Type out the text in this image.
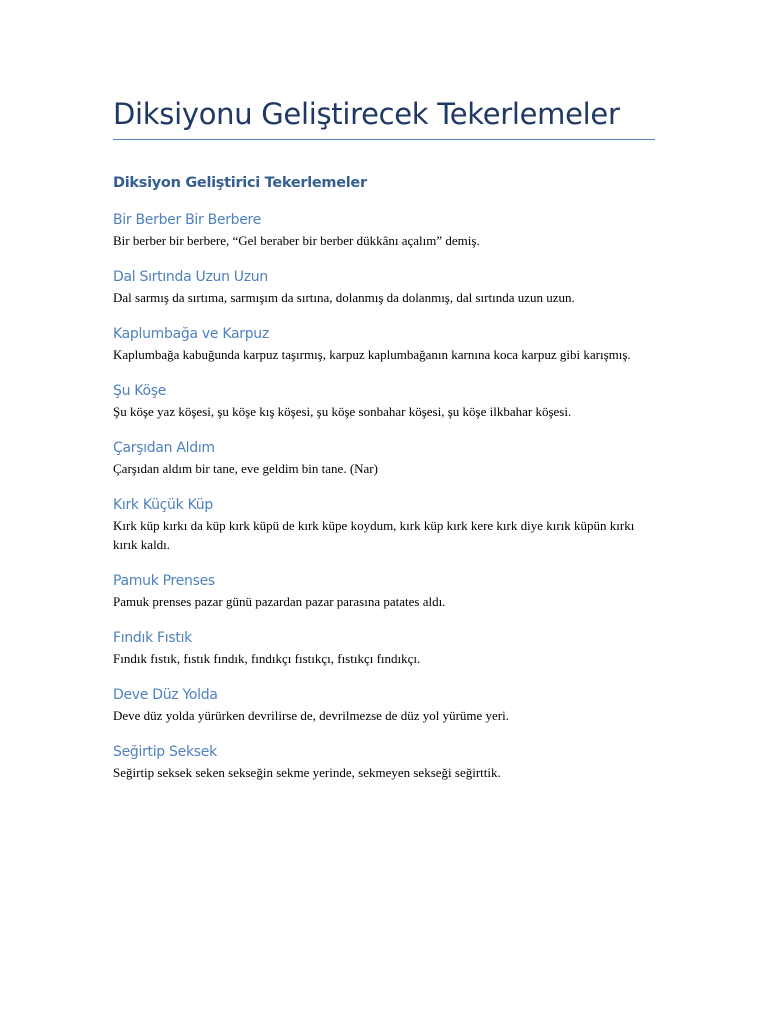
Diksiyonu Geliştirecek Tekerlemeler
Diksiyon Geliştirici Tekerlemeler
Bir Berber Bir Berbere

Bir berber bir berbere, “Gel beraber bir berber dükkânı açalım” demiş.

Dal Sırtında Uzun Uzun

Dal sarmış da sırtıma, sarmışım da sırtına, dolanmış da dolanmış, dal sırtında uzun uzun.

Kaplumbağa ve Karpuz

Kaplumbağa kabuğunda karpuz taşırmış, karpuz kaplumbağanın karnına koca karpuz gibi karışmış.

Şu Köşe

Şu köşe yaz köşesi, şu köşe kış köşesi, şu köşe sonbahar köşesi, şu köşe ilkbahar köşesi.

Çarşıdan Aldım

Çarşıdan aldım bir tane, eve geldim bin tane. (Nar)

Kırk Küçük Küp

Kırk küp kırkı da küp kırk küpü de kırk küpe koydum, kırk küp kırk kere kırk diye kırık küpün kırkı kırık kaldı.

Pamuk Prenses

Pamuk prenses pazar günü pazardan pazar parasına patates aldı.

Fındık Fıstık

Fındık fıstık, fıstık fındık, fındıkçı fıstıkçı, fıstıkçı fındıkçı.

Deve Düz Yolda

Deve düz yolda yürürken devrilirse de, devrilmezse de düz yol yürüme yeri.

Seğirtip Seksek

Seğirtip seksek seken sekseğin sekme yerinde, sekmeyen sekseği seğirttik.
